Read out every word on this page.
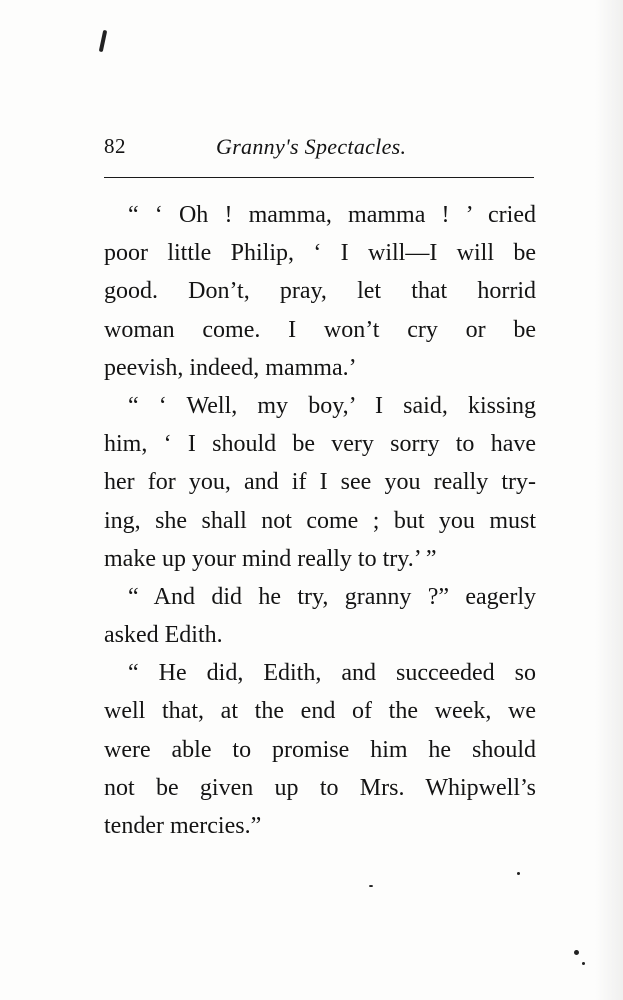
82	Granny's Spectacles.
“ ‘ Oh ! mamma, mamma ! ’ cried
poor little Philip, ‘ I will—I will be
good. Don’t, pray, let that horrid
woman come. I won’t cry or be
peevish, indeed, mamma.’
“ ‘ Well, my boy,’ I said, kissing
him, ‘ I should be very sorry to have
her for you, and if I see you really try-
ing, she shall not come ; but you must
make up your mind really to try.’ ”
“ And did he try, granny ?” eagerly
asked Edith.
“ He did, Edith, and succeeded so
well that, at the end of the week, we
were able to promise him he should
not be given up to Mrs. Whipwell’s
tender mercies.”
